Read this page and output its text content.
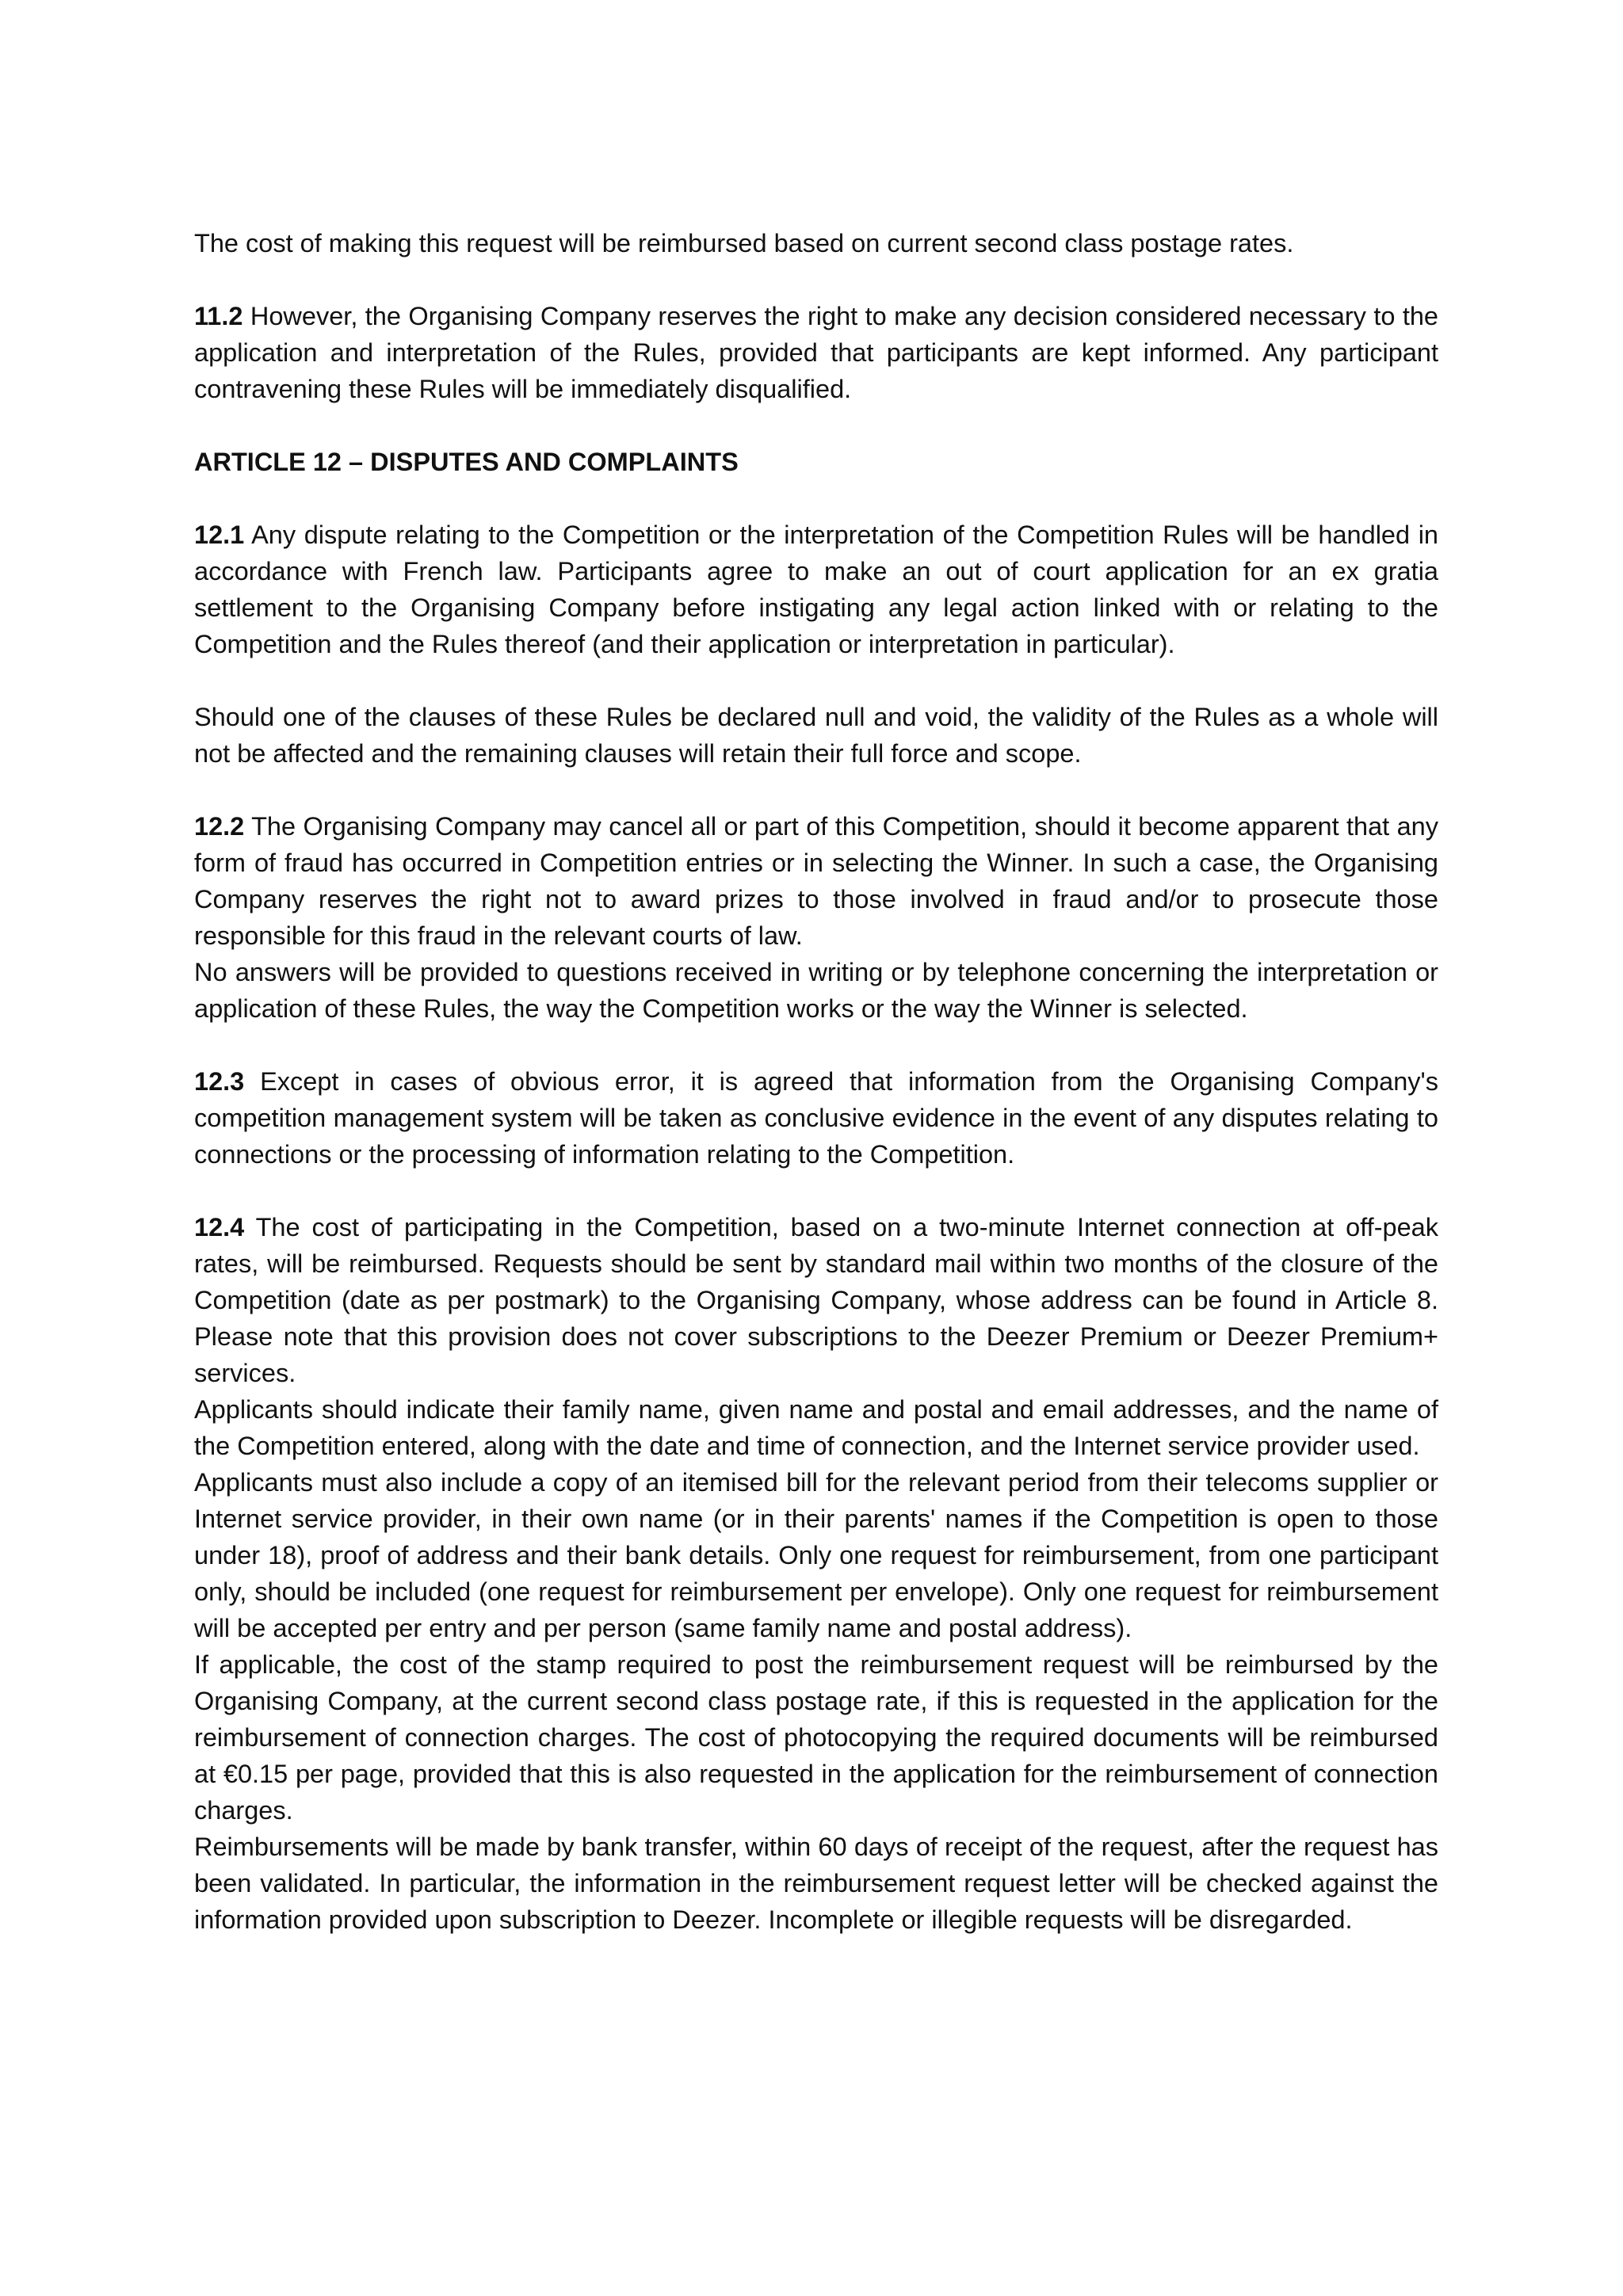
The cost of making this request will be reimbursed based on current second class postage rates.

11.2 However, the Organising Company reserves the right to make any decision considered necessary to the application and interpretation of the Rules, provided that participants are kept informed. Any participant contravening these Rules will be immediately disqualified.

ARTICLE 12 – DISPUTES AND COMPLAINTS

12.1 Any dispute relating to the Competition or the interpretation of the Competition Rules will be handled in accordance with French law. Participants agree to make an out of court application for an ex gratia settlement to the Organising Company before instigating any legal action linked with or relating to the Competition and the Rules thereof (and their application or interpretation in particular).

Should one of the clauses of these Rules be declared null and void, the validity of the Rules as a whole will not be affected and the remaining clauses will retain their full force and scope.

12.2 The Organising Company may cancel all or part of this Competition, should it become apparent that any form of fraud has occurred in Competition entries or in selecting the Winner. In such a case, the Organising Company reserves the right not to award prizes to those involved in fraud and/or to prosecute those responsible for this fraud in the relevant courts of law.

No answers will be provided to questions received in writing or by telephone concerning the interpretation or application of these Rules, the way the Competition works or the way the Winner is selected.

12.3 Except in cases of obvious error, it is agreed that information from the Organising Company's competition management system will be taken as conclusive evidence in the event of any disputes relating to connections or the processing of information relating to the Competition.

12.4 The cost of participating in the Competition, based on a two-minute Internet connection at off-peak rates, will be reimbursed. Requests should be sent by standard mail within two months of the closure of the Competition (date as per postmark) to the Organising Company, whose address can be found in Article 8. Please note that this provision does not cover subscriptions to the Deezer Premium or Deezer Premium+ services.

Applicants should indicate their family name, given name and postal and email addresses, and the name of the Competition entered, along with the date and time of connection, and the Internet service provider used.

Applicants must also include a copy of an itemised bill for the relevant period from their telecoms supplier or Internet service provider, in their own name (or in their parents' names if the Competition is open to those under 18), proof of address and their bank details. Only one request for reimbursement, from one participant only, should be included (one request for reimbursement per envelope). Only one request for reimbursement will be accepted per entry and per person (same family name and postal address).

If applicable, the cost of the stamp required to post the reimbursement request will be reimbursed by the Organising Company, at the current second class postage rate, if this is requested in the application for the reimbursement of connection charges. The cost of photocopying the required documents will be reimbursed at €0.15 per page, provided that this is also requested in the application for the reimbursement of connection charges.

Reimbursements will be made by bank transfer, within 60 days of receipt of the request, after the request has been validated. In particular, the information in the reimbursement request letter will be checked against the information provided upon subscription to Deezer. Incomplete or illegible requests will be disregarded.
